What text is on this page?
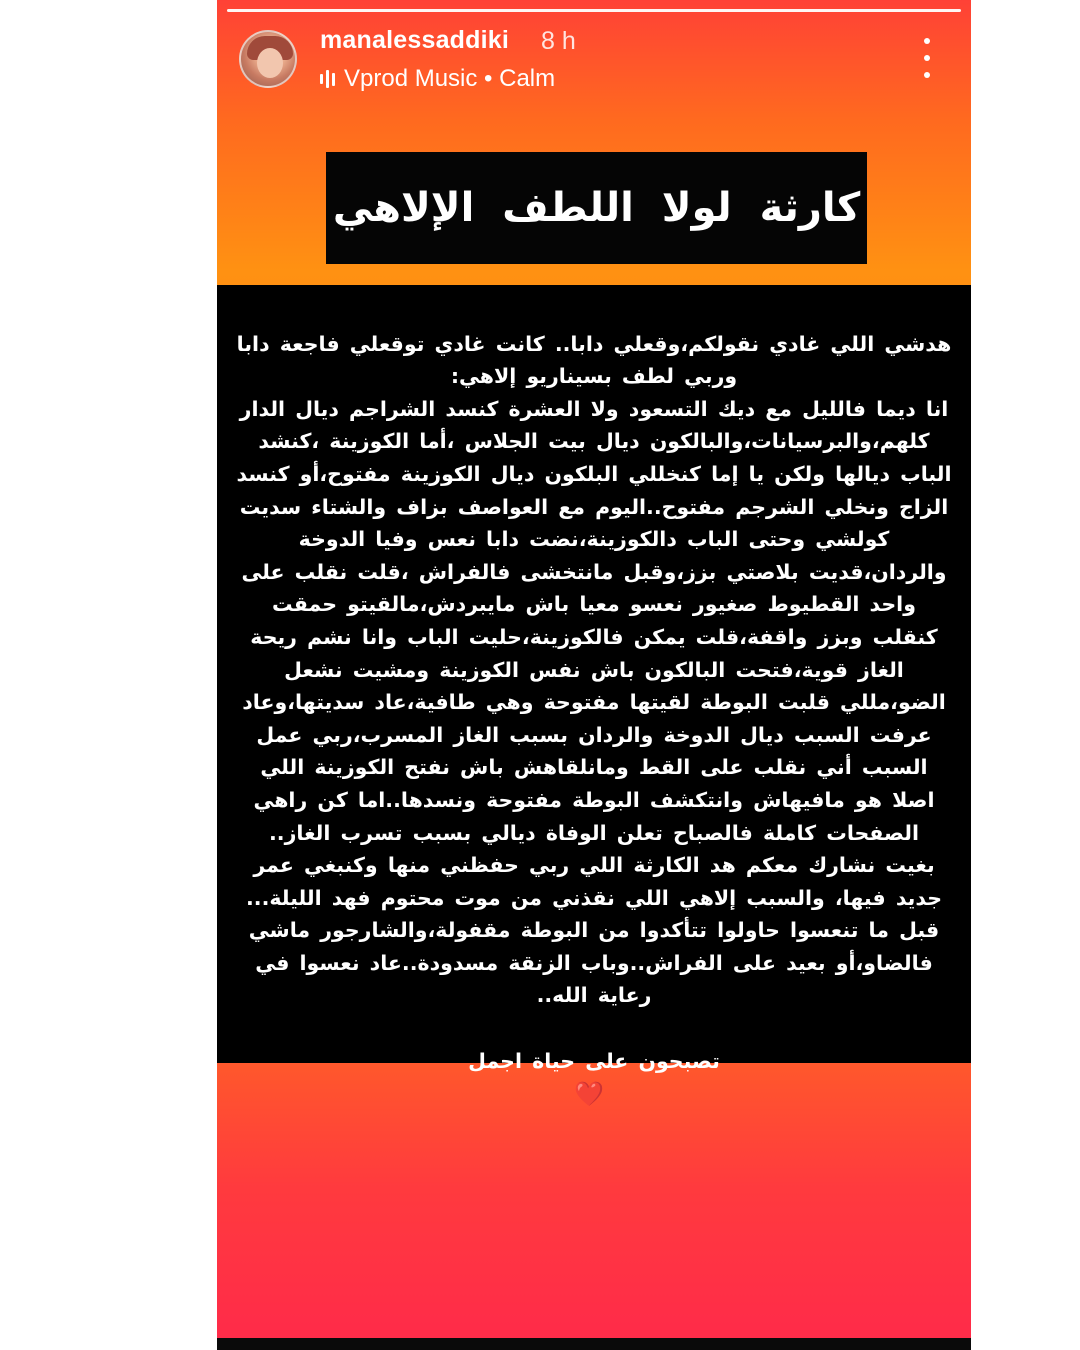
manalessaddiki 8 h
Vprod Music • Calm
كارثة لولا اللطف الإلاهي

هدشي اللي غادي نقولكم،وقعلي دابا.. كانت غادي توقعلي فاجعة دابا وربي لطف بسيناريو إلاهي:
انا ديما فالليل مع ديك التسعود ولا العشرة كنسد الشراجم ديال الدار كلهم،والبرسيانات،والبالكون ديال بيت الجلاس ،أما الكوزينة ،كنشد الباب ديالها ولكن يا إما كنخللي البلكون ديال الكوزينة مفتوح،أو كنسد الزاج ونخلي الشرجم مفتوح..اليوم مع العواصف بزاف والشتاء سديت كولشي وحتى الباب دالكوزينة،نضت دابا نعس وفيا الدوخة والردان،قديت بلاصتي بزز،وقبل مانتخشى فالفراش ،قلت نقلب على واحد القطيوط صغيور نعسو معيا باش مايبردش،مالقيتو حمقت كنقلب وبزز واقفة،قلت يمكن فالكوزينة،حليت الباب وانا نشم ريحة الغاز قوية،فتحت البالكون باش نفس الكوزينة ومشيت نشعل الضو،مللي قلبت البوطة لقيتها مفتوحة وهي طافية،عاد سديتها،وعاد عرفت السبب ديال الدوخة والردان بسبب الغاز المسرب،ربي عمل السبب أني نقلب على القط ومانلقاهش باش نفتح الكوزينة اللي اصلا هو مافيهاش وانتكشف البوطة مفتوحة ونسدها..اما كن راهي الصفحات كاملة فالصباح تعلن الوفاة ديالي بسبب تسرب الغاز..
بغيت نشارك معكم هد الكارثة اللي ربي حفظني منها وكنبغي عمر جديد فيها، والسبب إلاهي اللي نقذني من موت محتوم فهد الليلة...
قبل ما تنعسوا حاولوا تتأكدوا من البوطة مقفولة،والشارجور ماشي فالضاو،أو بعيد على الفراش..وباب الزنقة مسدودة..عاد نعسوا في رعاية الله..

تصبحون على حياة اجمل
❤️
